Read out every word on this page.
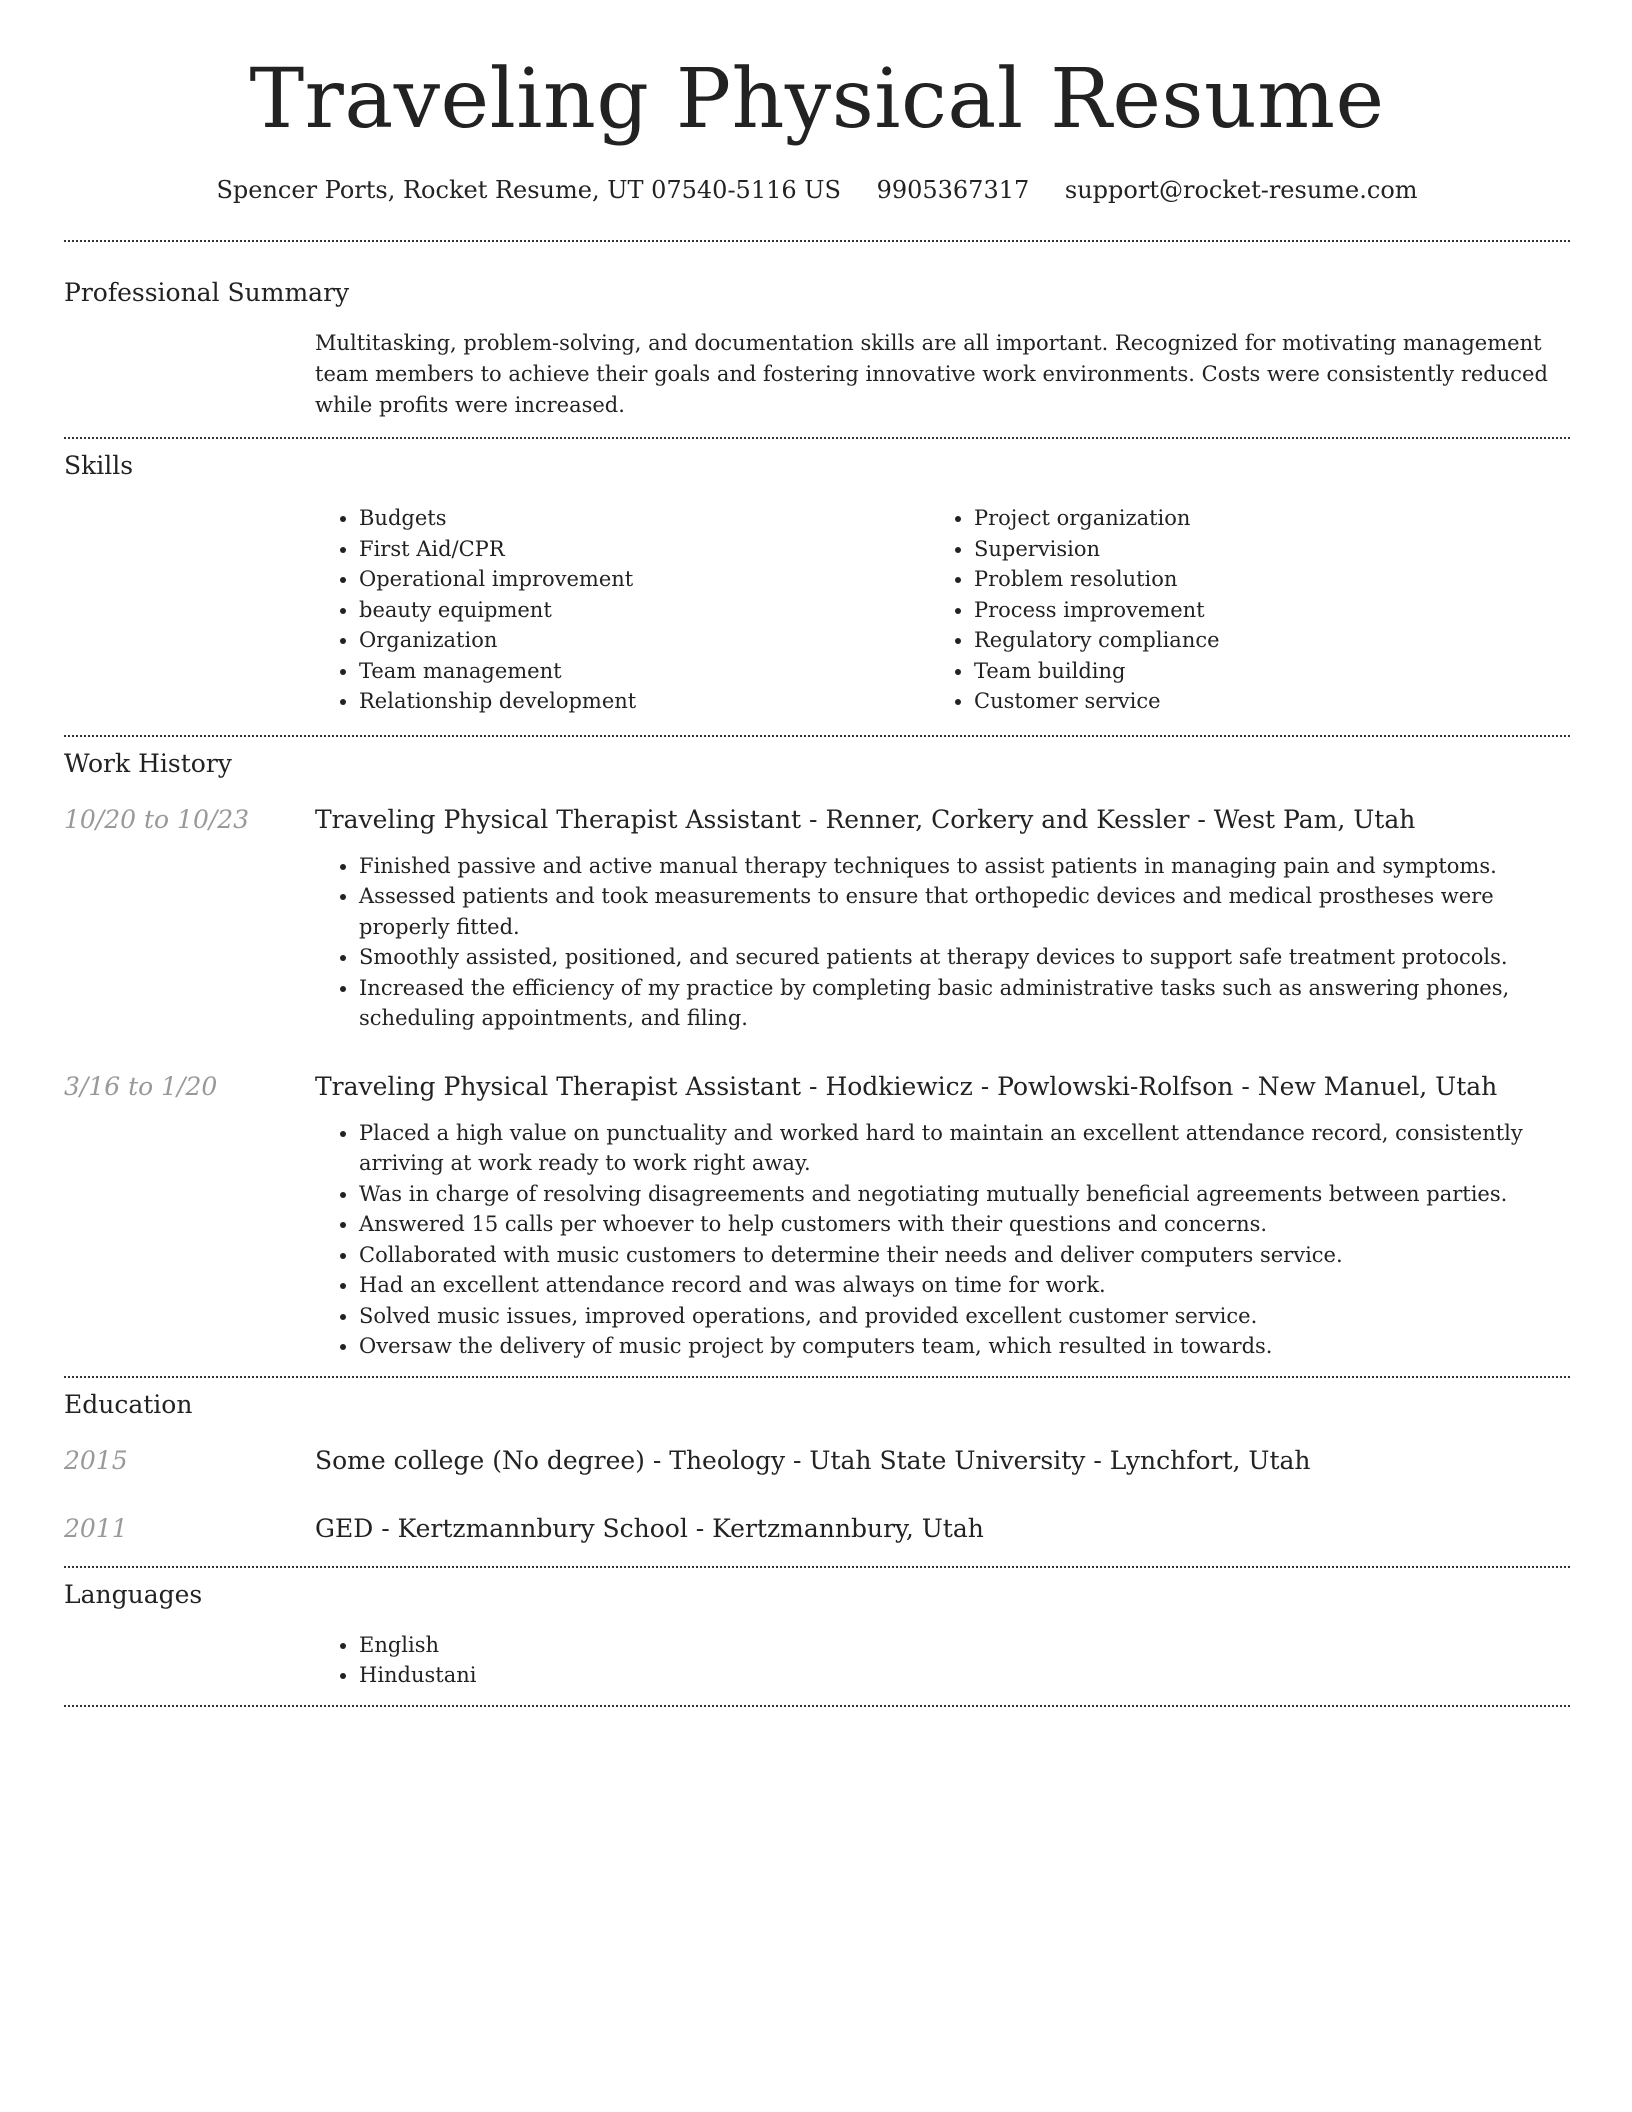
Traveling Physical Resume
Spencer Ports, Rocket Resume, UT 07540-5116 US 9905367317 support@rocket-resume.com
Professional Summary

Multitasking, problem-solving, and documentation skills are all important. Recognized for motivating management team members to achieve their goals and fostering innovative work environments. Costs were consistently reduced while profits were increased.

Skills
• Budgets
• First Aid/CPR
• Operational improvement
• beauty equipment
• Organization
• Team management
• Relationship development
• Project organization
• Supervision
• Problem resolution
• Process improvement
• Regulatory compliance
• Team building
• Customer service
Work History
10/20 to 10/23	Traveling Physical Therapist Assistant - Renner, Corkery and Kessler - West Pam, Utah
• Finished passive and active manual therapy techniques to assist patients in managing pain and symptoms.
• Assessed patients and took measurements to ensure that orthopedic devices and medical prostheses were properly fitted.
• Smoothly assisted, positioned, and secured patients at therapy devices to support safe treatment protocols.
• Increased the efficiency of my practice by completing basic administrative tasks such as answering phones, scheduling appointments, and filing.
3/16 to 1/20	Traveling Physical Therapist Assistant - Hodkiewicz - Powlowski-Rolfson - New Manuel, Utah
• Placed a high value on punctuality and worked hard to maintain an excellent attendance record, consistently arriving at work ready to work right away.
• Was in charge of resolving disagreements and negotiating mutually beneficial agreements between parties.
• Answered 15 calls per whoever to help customers with their questions and concerns.
• Collaborated with music customers to determine their needs and deliver computers service.
• Had an excellent attendance record and was always on time for work.
• Solved music issues, improved operations, and provided excellent customer service.
• Oversaw the delivery of music project by computers team, which resulted in towards.
Education
2015	Some college (No degree) - Theology - Utah State University - Lynchfort, Utah
2011	GED - Kertzmannbury School - Kertzmannbury, Utah
Languages
• English
• Hindustani
